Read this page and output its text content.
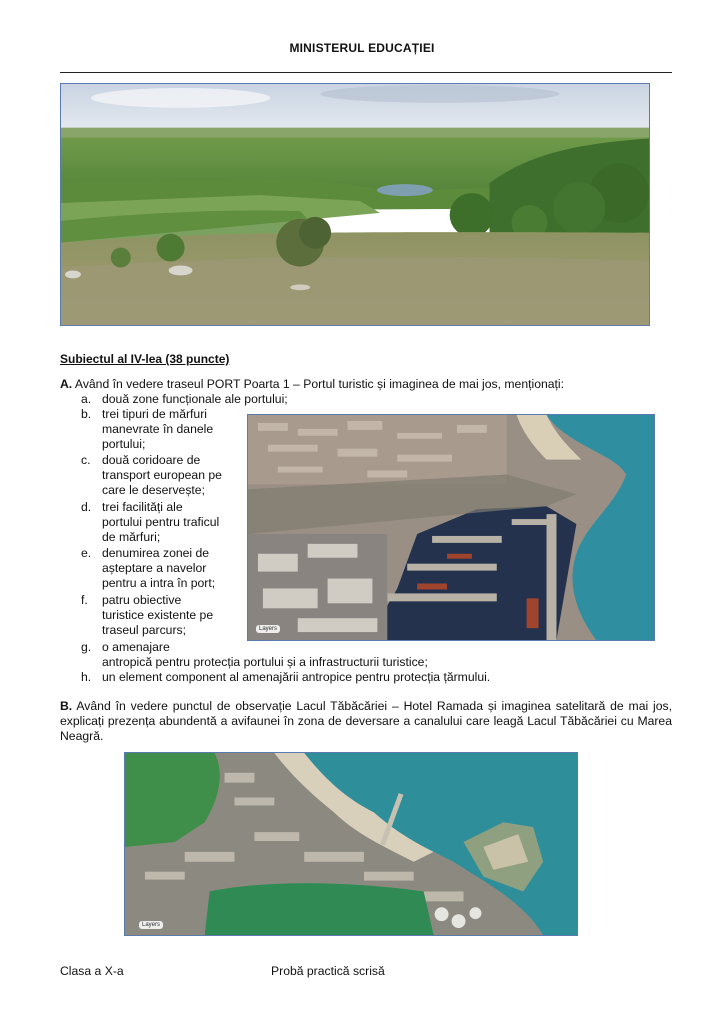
MINISTERUL EDUCAȚIEI
Subiectul al IV-lea (38 puncte)
A. Având în vedere traseul PORT Poarta 1 – Portul turistic și imaginea de mai jos, menționați:
a. două zone funcționale ale portului;
b. trei tipuri de mărfuri
manevrate în danele
portului;
c. două coridoare de
transport european pe
care le deservește;
d. trei facilități ale
portului pentru traficul
de mărfuri;
e. denumirea zonei de
așteptare a navelor
pentru a intra în port;
f. patru obiective
turistice existente pe
traseul parcurs;
g. o amenajare
antropică pentru protecția portului și a infrastructurii turistice;
h. un element component al amenajării antropice pentru protecția țărmului.
Layers
B. Având în vedere punctul de observație Lacul Tăbăcăriei – Hotel Ramada și imaginea satelitară de mai jos, explicați prezența abundentă a avifaunei în zona de deversare a canalului care leagă Lacul Tăbăcăriei cu Marea Neagră.
Layers
Clasa a X-a	Probă practică scrisă
